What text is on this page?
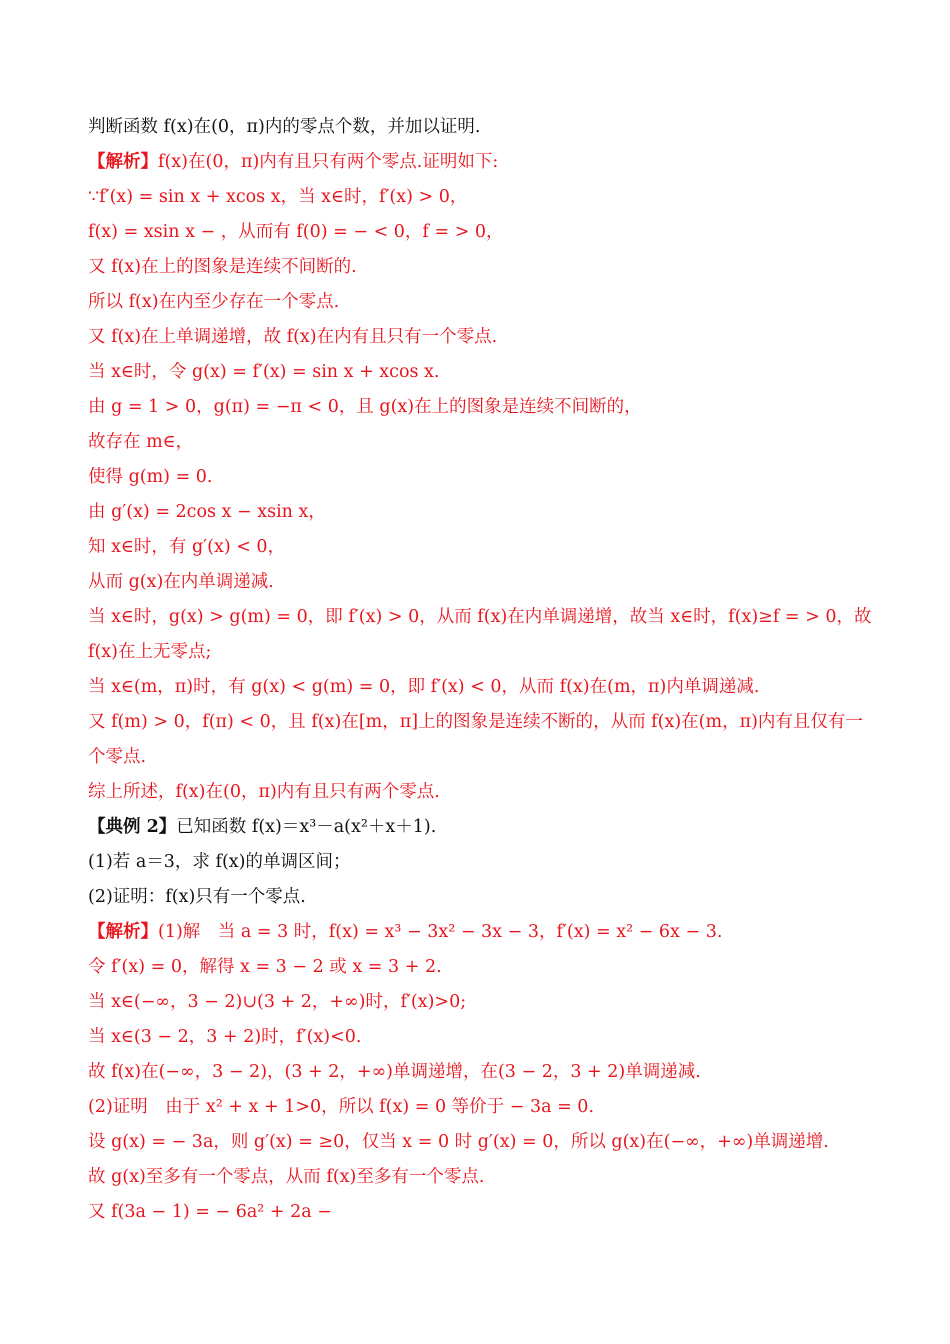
判断函数 f(x)在(0，π)内的零点个数，并加以证明.
【解析】f(x)在(0，π)内有且只有两个零点.证明如下:
∵f′(x) = sin x + xcos x，当 x∈时，f′(x) > 0，
f(x) = xsin x − ，从而有 f(0) = − < 0，f = > 0，
又 f(x)在上的图象是连续不间断的.
所以 f(x)在内至少存在一个零点.
又 f(x)在上单调递增，故 f(x)在内有且只有一个零点.
当 x∈时，令 g(x) = f′(x) = sin x + xcos x.
由 g = 1 > 0，g(π) = −π < 0，且 g(x)在上的图象是连续不间断的，
故存在 m∈，
使得 g(m) = 0.
由 g′(x) = 2cos x − xsin x，
知 x∈时，有 g′(x) < 0，
从而 g(x)在内单调递减.
当 x∈时，g(x) > g(m) = 0，即 f′(x) > 0，从而 f(x)在内单调递增，故当 x∈时，f(x)≥f = > 0，故
f(x)在上无零点;
当 x∈(m，π)时，有 g(x) < g(m) = 0，即 f′(x) < 0，从而 f(x)在(m，π)内单调递减.
又 f(m) > 0，f(π) < 0，且 f(x)在[m，π]上的图象是连续不断的，从而 f(x)在(m，π)内有且仅有一
个零点.
综上所述，f(x)在(0，π)内有且只有两个零点.
【典例 2】已知函数 f(x)＝x³－a(x²＋x＋1).
(1)若 a＝3，求 f(x)的单调区间；
(2)证明：f(x)只有一个零点.
【解析】(1)解　当 a = 3 时，f(x) = x³ − 3x² − 3x − 3，f′(x) = x² − 6x − 3.
令 f′(x) = 0，解得 x = 3 − 2 或 x = 3 + 2.
当 x∈(−∞，3 − 2)∪(3 + 2，+∞)时，f′(x)>0;
当 x∈(3 − 2，3 + 2)时，f′(x)<0.
故 f(x)在(−∞，3 − 2)，(3 + 2，+∞)单调递增，在(3 − 2，3 + 2)单调递减.
(2)证明　由于 x² + x + 1>0，所以 f(x) = 0 等价于 − 3a = 0.
设 g(x) = − 3a，则 g′(x) = ≥0，仅当 x = 0 时 g′(x) = 0，所以 g(x)在(−∞，+∞)单调递增.
故 g(x)至多有一个零点，从而 f(x)至多有一个零点.
又 f(3a − 1) = − 6a² + 2a −
